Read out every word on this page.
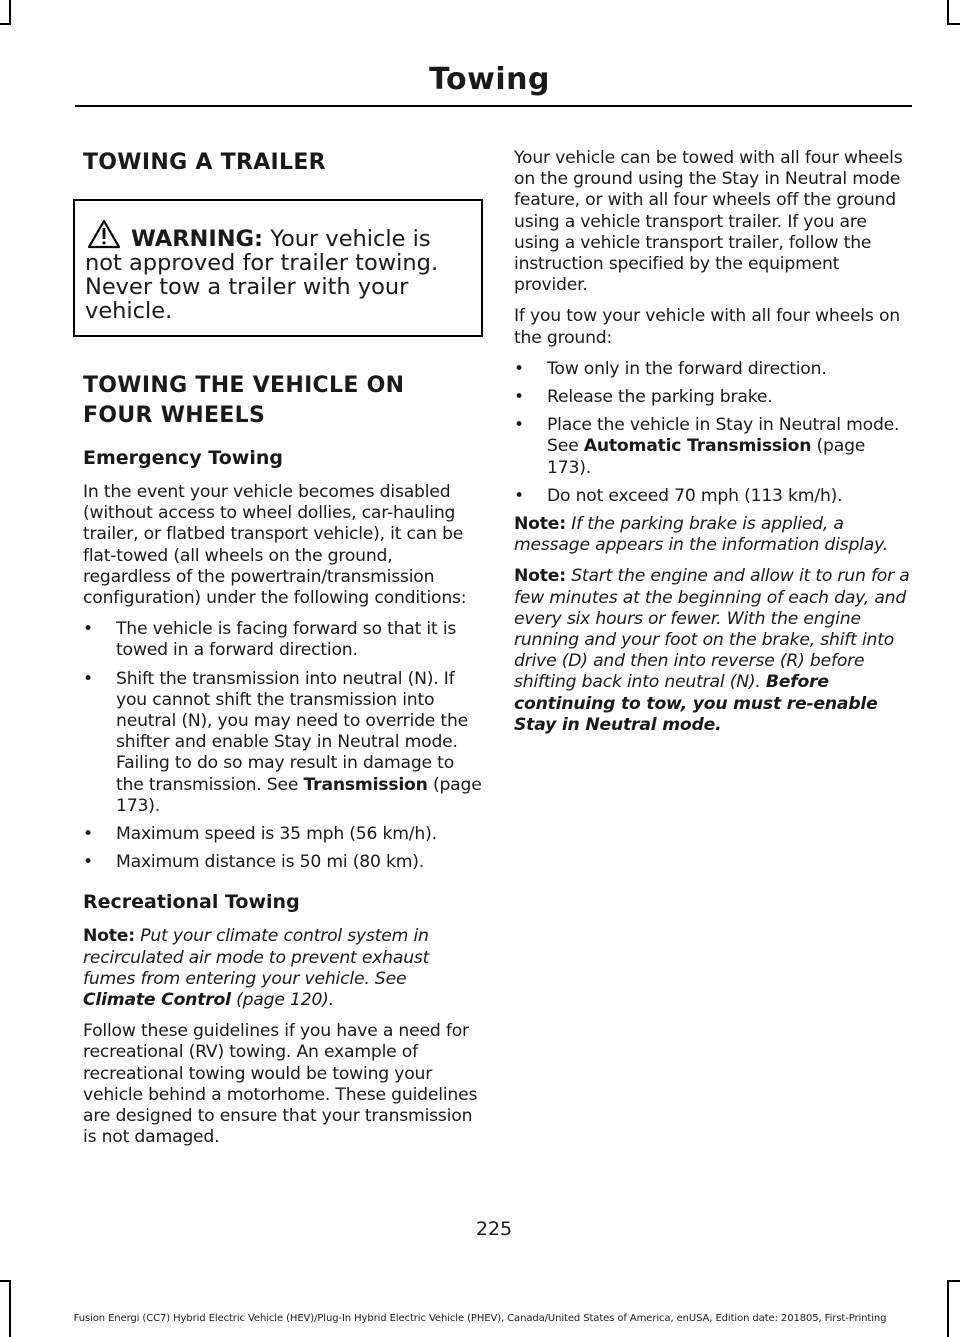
Towing
TOWING A TRAILER
WARNING: Your vehicle is
not approved for trailer towing. Never tow a trailer with your vehicle.
TOWING THE VEHICLE ON
FOUR WHEELS
Emergency Towing

In the event your vehicle becomes disabled (without access to wheel dollies, car-hauling trailer, or flatbed transport vehicle), it can be flat-towed (all wheels on the ground, regardless of the powertrain/transmission configuration) under the following conditions:

• The vehicle is facing forward so that it is towed in a forward direction.
• Shift the transmission into neutral (N). If you cannot shift the transmission into neutral (N), you may need to override the shifter and enable Stay in Neutral mode. Failing to do so may result in damage to the transmission. See Transmission (page 173).
• Maximum speed is 35 mph (56 km/h).
• Maximum distance is 50 mi (80 km).
Recreational Towing

Note: Put your climate control system in recirculated air mode to prevent exhaust fumes from entering your vehicle. See Climate Control (page 120).

Follow these guidelines if you have a need for recreational (RV) towing. An example of recreational towing would be towing your vehicle behind a motorhome. These guidelines are designed to ensure that your transmission is not damaged.

Your vehicle can be towed with all four wheels on the ground using the Stay in Neutral mode feature, or with all four wheels off the ground using a vehicle transport trailer. If you are using a vehicle transport trailer, follow the instruction specified by the equipment provider.

If you tow your vehicle with all four wheels on the ground:

• Tow only in the forward direction.
• Release the parking brake.
• Place the vehicle in Stay in Neutral mode. See Automatic Transmission (page 173).
• Do not exceed 70 mph (113 km/h).

Note: If the parking brake is applied, a message appears in the information display.

Note: Start the engine and allow it to run for a few minutes at the beginning of each day, and every six hours or fewer. With the engine running and your foot on the brake, shift into drive (D) and then into reverse (R) before shifting back into neutral (N). Before continuing to tow, you must re-enable Stay in Neutral mode.

225
Fusion Energi (CC7) Hybrid Electric Vehicle (HEV)/Plug-In Hybrid Electric Vehicle (PHEV), Canada/United States of America, enUSA, Edition date: 201805, First-Printing
